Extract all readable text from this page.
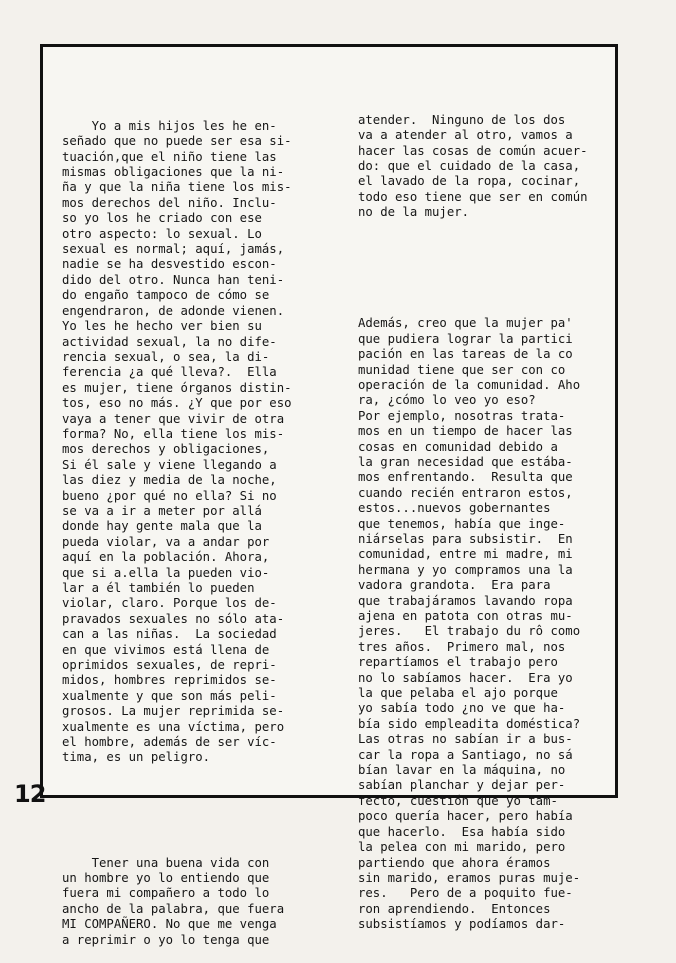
Yo a mis hijos les he en-
señado que no puede ser esa si-
tuación,que el niño tiene las
mismas obligaciones que la ni-
ña y que la niña tiene los mis-
mos derechos del niño. Inclu-
so yo los he criado con ese
otro aspecto: lo sexual. Lo
sexual es normal; aquí, jamás,
nadie se ha desvestido escon-
dido del otro. Nunca han teni-
do engaño tampoco de cómo se
engendraron, de adonde vienen.
Yo les he hecho ver bien su
actividad sexual, la no dife-
rencia sexual, o sea, la di-
ferencia ¿a qué lleva?.  Ella
es mujer, tiene órganos distin-
tos, eso no más. ¿Y que por eso
vaya a tener que vivir de otra
forma? No, ella tiene los mis-
mos derechos y obligaciones,
Si él sale y viene llegando a
las diez y media de la noche,
bueno ¿por qué no ella? Si no
se va a ir a meter por allá
donde hay gente mala que la
pueda violar, va a andar por
aquí en la población. Ahora,
que si a.ella la pueden vio-
lar a él también lo pueden
violar, claro. Porque los de-
pravados sexuales no sólo ata-
can a las niñas.  La sociedad
en que vivimos está llena de
oprimidos sexuales, de repri-
midos, hombres reprimidos se-
xualmente y que son más peli-
grosos. La mujer reprimida se-
xualmente es una víctima, pero
el hombre, además de ser víc-
tima, es un peligro.

Tener una buena vida con
un hombre yo lo entiendo que
fuera mi compañero a todo lo
ancho de la palabra, que fuera
MI COMPAÑERO. No que me venga
a reprimir o yo lo tenga que

atender.  Ninguno de los dos
va a atender al otro, vamos a
hacer las cosas de común acuer-
do: que el cuidado de la casa,
el lavado de la ropa, cocinar,
todo eso tiene que ser en común
no de la mujer.

Además, creo que la mujer pa'
que pudiera lograr la partici
pación en las tareas de la co
munidad tiene que ser con co
operación de la comunidad. Aho
ra, ¿cómo lo veo yo eso?
Por ejemplo, nosotras trata-
mos en un tiempo de hacer las
cosas en comunidad debido a
la gran necesidad que estába-
mos enfrentando.  Resulta que
cuando recién entraron estos,
estos...nuevos gobernantes
que tenemos, había que inge-
niárselas para subsistir.  En
comunidad, entre mi madre, mi
hermana y yo compramos una la
vadora grandota.  Era para
que trabajáramos lavando ropa
ajena en patota con otras mu-
jeres.   El trabajo du rô como
tres años.  Primero mal, nos
repartíamos el trabajo pero
no lo sabíamos hacer.  Era yo
la que pelaba el ajo porque
yo sabía todo ¿no ve que ha-
bía sido empleadita doméstica?
Las otras no sabían ir a bus-
car la ropa a Santiago, no sá
bían lavar en la máquina, no
sabían planchar y dejar per-
fecto, cuestión que yo tam-
poco quería hacer, pero había
que hacerlo.  Esa había sido
la pelea con mi marido, pero
partiendo que ahora éramos
sin marido, eramos puras muje-
res.   Pero de a poquito fue-
ron aprendiendo.  Entonces
subsistíamos y podíamos dar-

12
